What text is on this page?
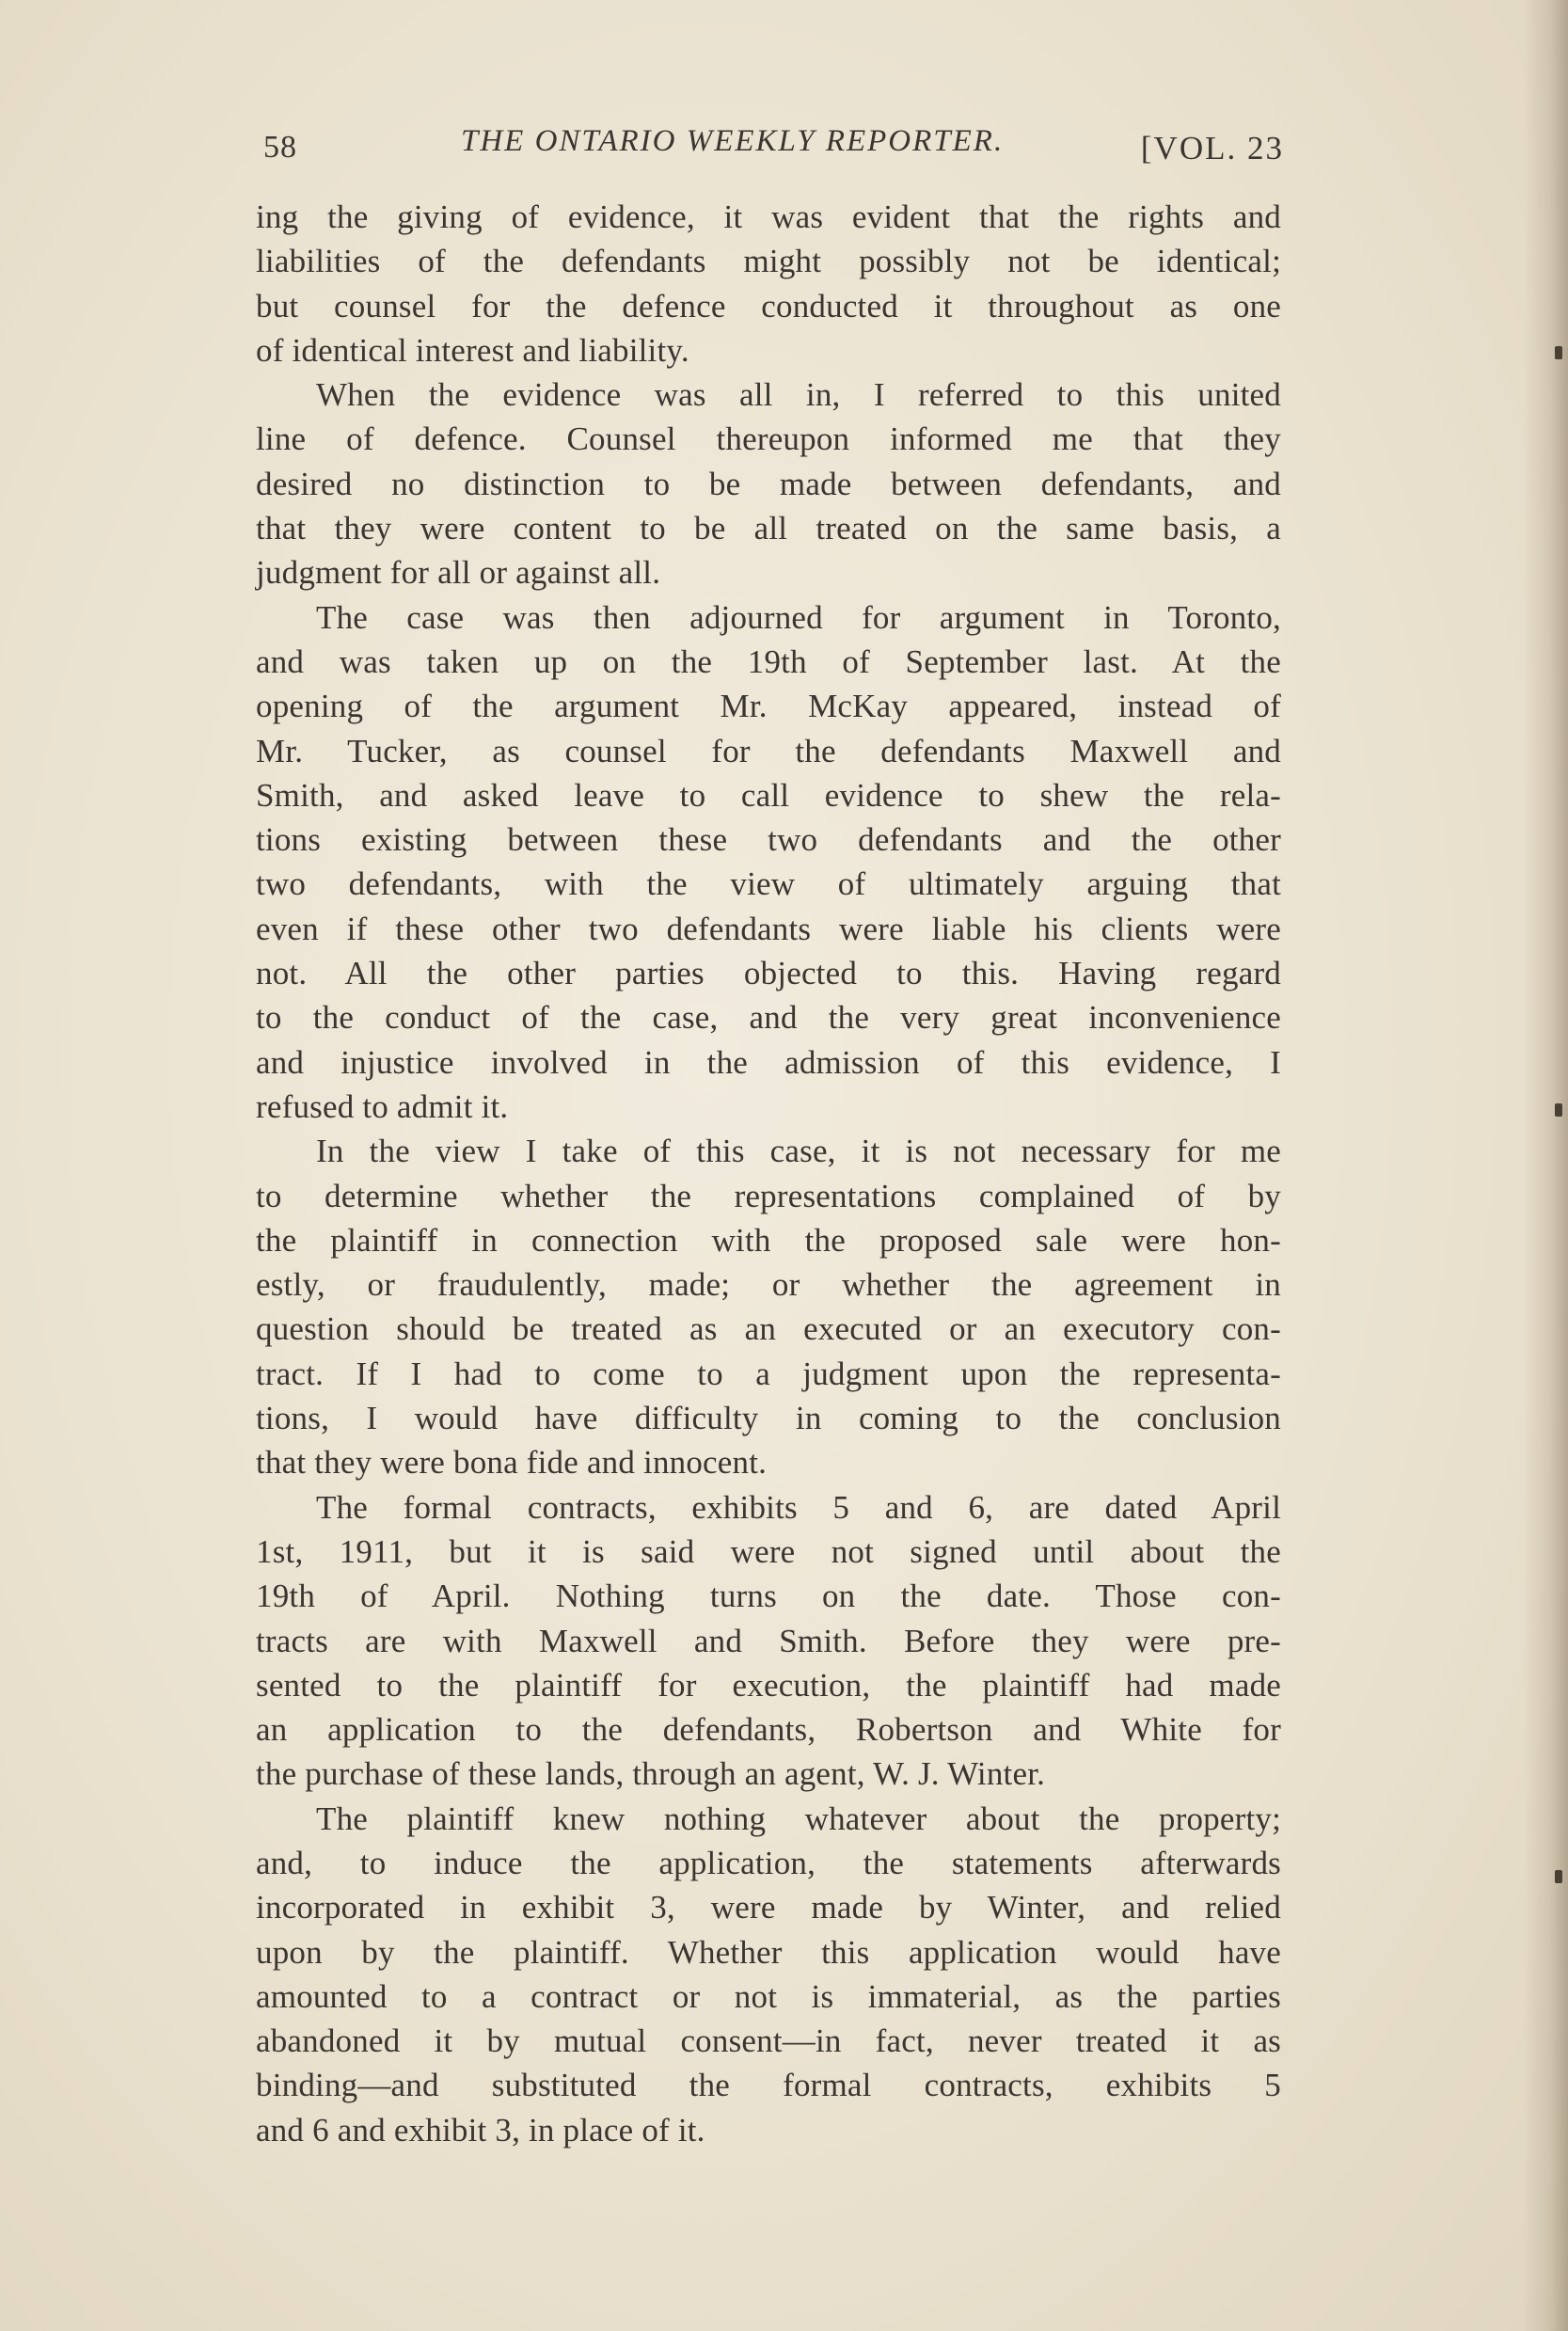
58	THE ONTARIO WEEKLY REPORTER.	[VOL. 23
ing the giving of evidence, it was evident that the rights and
liabilities of the defendants might possibly not be identical;
but counsel for the defence conducted it throughout as one
of identical interest and liability.
When the evidence was all in, I referred to this united
line of defence. Counsel thereupon informed me that they
desired no distinction to be made between defendants, and
that they were content to be all treated on the same basis, a
judgment for all or against all.
The case was then adjourned for argument in Toronto,
and was taken up on the 19th of September last. At the
opening of the argument Mr. McKay appeared, instead of
Mr. Tucker, as counsel for the defendants Maxwell and
Smith, and asked leave to call evidence to shew the rela-
tions existing between these two defendants and the other
two defendants, with the view of ultimately arguing that
even if these other two defendants were liable his clients were
not. All the other parties objected to this. Having regard
to the conduct of the case, and the very great inconvenience
and injustice involved in the admission of this evidence, I
refused to admit it.
In the view I take of this case, it is not necessary for me
to determine whether the representations complained of by
the plaintiff in connection with the proposed sale were hon-
estly, or fraudulently, made; or whether the agreement in
question should be treated as an executed or an executory con-
tract. If I had to come to a judgment upon the representa-
tions, I would have difficulty in coming to the conclusion
that they were bona fide and innocent.
The formal contracts, exhibits 5 and 6, are dated April
1st, 1911, but it is said were not signed until about the
19th of April. Nothing turns on the date. Those con-
tracts are with Maxwell and Smith. Before they were pre-
sented to the plaintiff for execution, the plaintiff had made
an application to the defendants, Robertson and White for
the purchase of these lands, through an agent, W. J. Winter.
The plaintiff knew nothing whatever about the property;
and, to induce the application, the statements afterwards
incorporated in exhibit 3, were made by Winter, and relied
upon by the plaintiff. Whether this application would have
amounted to a contract or not is immaterial, as the parties
abandoned it by mutual consent—in fact, never treated it as
binding—and substituted the formal contracts, exhibits 5
and 6 and exhibit 3, in place of it.
